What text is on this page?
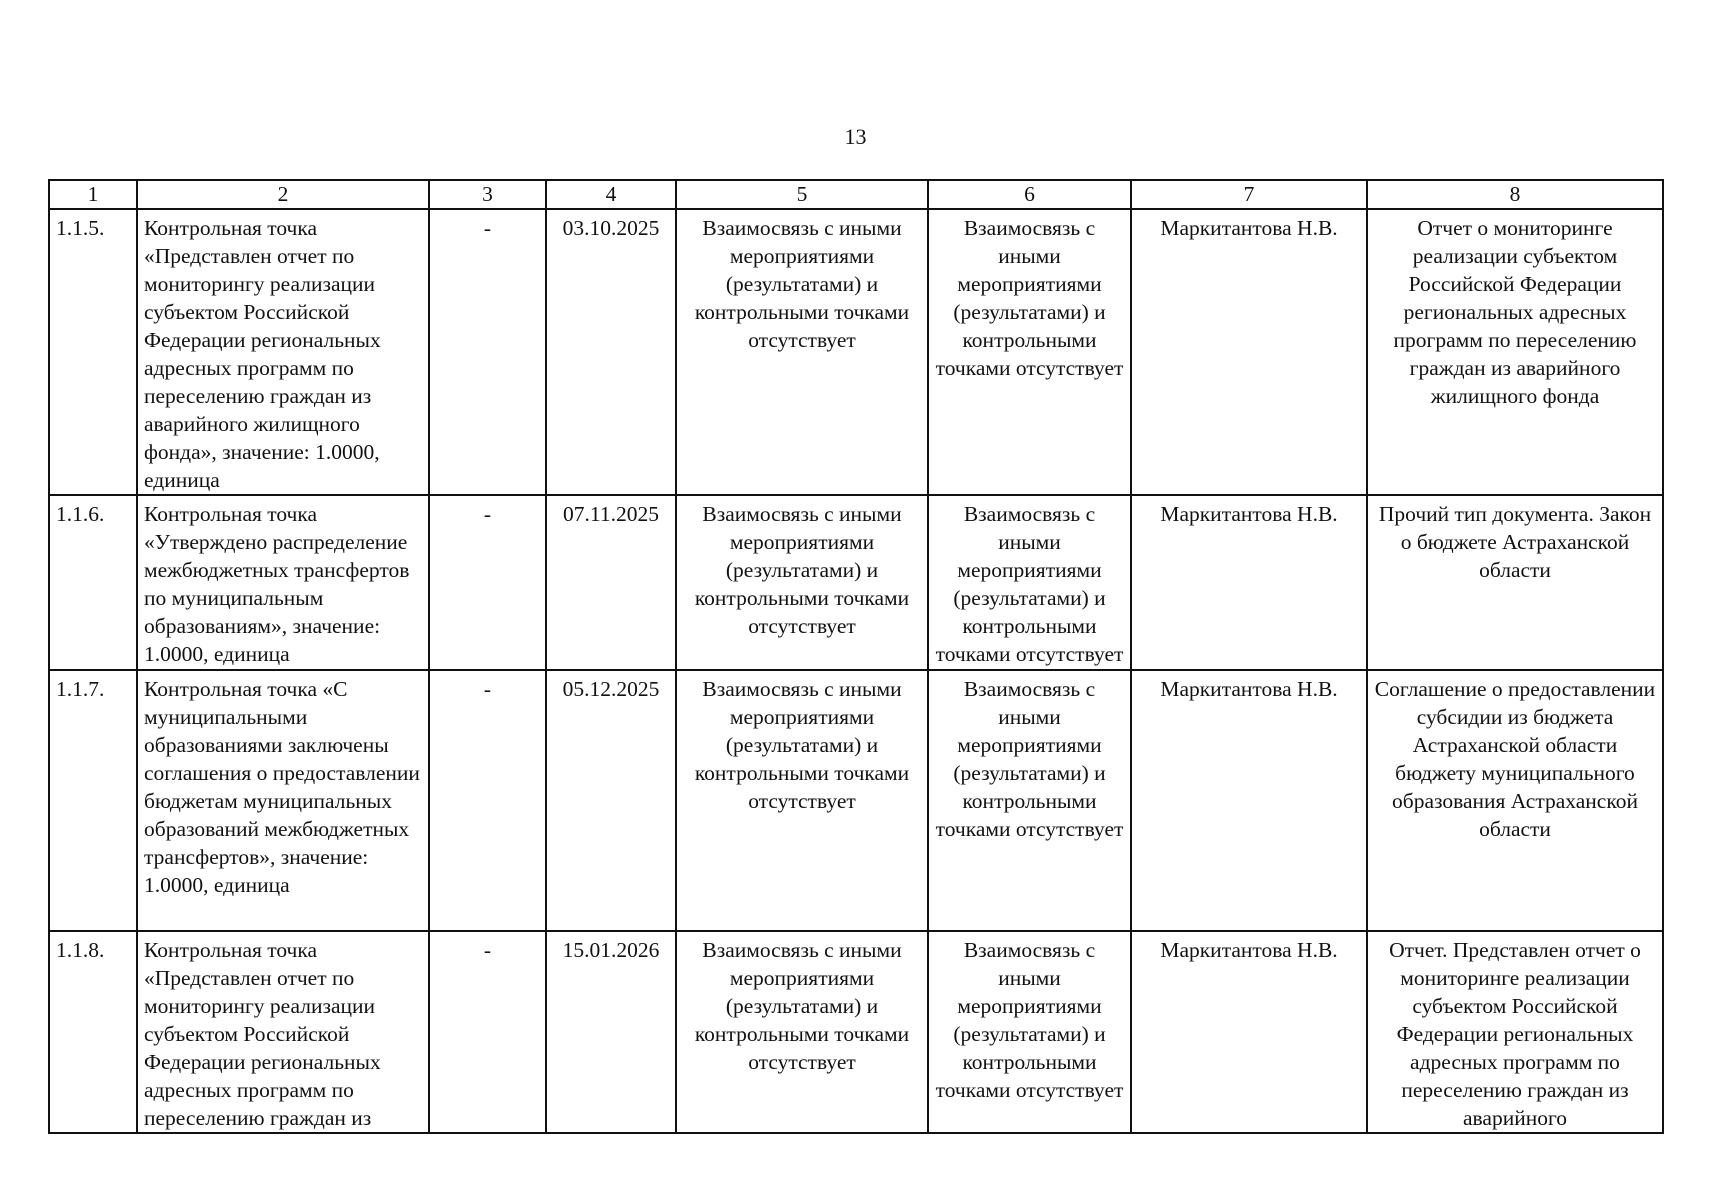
13
1	2	3	4	5	6	7	8
1.1.5.	Контрольная точка «Представлен отчет по мониторингу реализации субъектом Российской Федерации региональных адресных программ по переселению граждан из аварийного жилищного фонда», значение: 1.0000, единица	-	03.10.2025	Взаимосвязь с иными мероприятиями (результатами) и контрольными точками отсутствует	Взаимосвязь с иными мероприятиями (результатами) и контрольными точками отсутствует	Маркитантова Н.В.	Отчет о мониторинге реализации субъектом Российской Федерации региональных адресных программ по переселению граждан из аварийного жилищного фонда
1.1.6.	Контрольная точка «Утверждено распределение межбюджетных трансфертов по муниципальным образованиям», значение: 1.0000, единица	-	07.11.2025	Взаимосвязь с иными мероприятиями (результатами) и контрольными точками отсутствует	Взаимосвязь с иными мероприятиями (результатами) и контрольными точками отсутствует	Маркитантова Н.В.	Прочий тип документа. Закон о бюджете Астраханской области
1.1.7.	Контрольная точка «С муниципальными образованиями заключены соглашения о предоставлении бюджетам муниципальных образований межбюджетных трансфертов», значение: 1.0000, единица	-	05.12.2025	Взаимосвязь с иными мероприятиями (результатами) и контрольными точками отсутствует	Взаимосвязь с иными мероприятиями (результатами) и контрольными точками отсутствует	Маркитантова Н.В.	Соглашение о предоставлении субсидии из бюджета Астраханской области бюджету муниципального образования Астраханской области
1.1.8.	Контрольная точка «Представлен отчет по мониторингу реализации субъектом Российской Федерации региональных адресных программ по переселению граждан из	-	15.01.2026	Взаимосвязь с иными мероприятиями (результатами) и контрольными точками отсутствует	Взаимосвязь с иными мероприятиями (результатами) и контрольными точками отсутствует	Маркитантова Н.В.	Отчет. Представлен отчет о мониторинге реализации субъектом Российской Федерации региональных адресных программ по переселению граждан из аварийного
